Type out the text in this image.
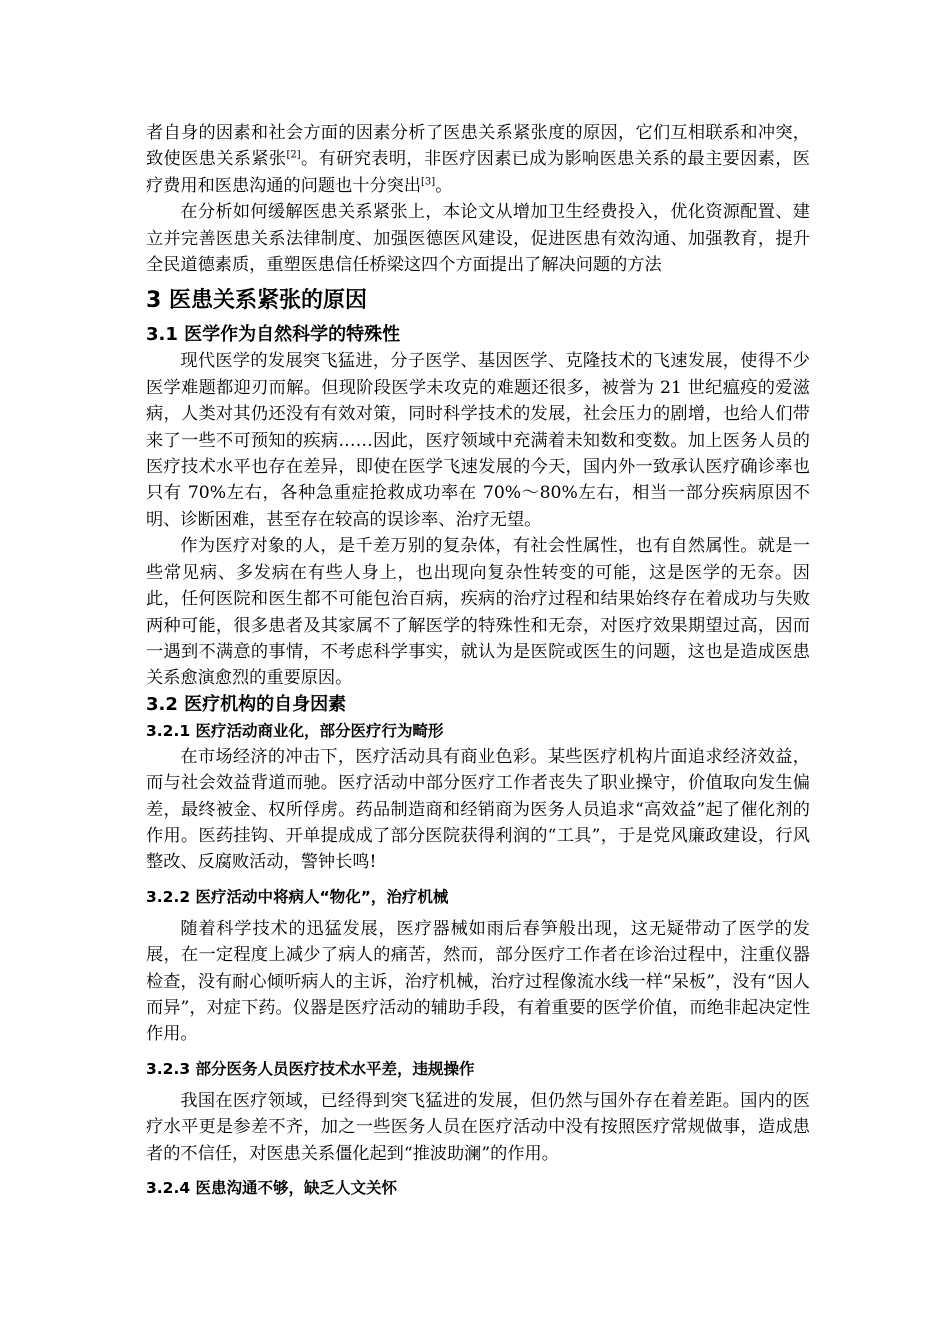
者自身的因素和社会方面的因素分析了医患关系紧张度的原因，它们互相联系和冲突，致使医患关系紧张[2]。有研究表明，非医疗因素已成为影响医患关系的最主要因素，医疗费用和医患沟通的问题也十分突出[3]。

在分析如何缓解医患关系紧张上，本论文从增加卫生经费投入，优化资源配置、建立并完善医患关系法律制度、加强医德医风建设，促进医患有效沟通、加强教育，提升全民道德素质，重塑医患信任桥梁这四个方面提出了解决问题的方法

3 医患关系紧张的原因
3.1 医学作为自然科学的特殊性

现代医学的发展突飞猛进，分子医学、基因医学、克隆技术的飞速发展，使得不少医学难题都迎刃而解。但现阶段医学未攻克的难题还很多，被誉为 21 世纪瘟疫的爱滋病，人类对其仍还没有有效对策，同时科学技术的发展，社会压力的剧增，也给人们带来了一些不可预知的疾病……因此，医疗领域中充满着未知数和变数。加上医务人员的医疗技术水平也存在差异，即使在医学飞速发展的今天，国内外一致承认医疗确诊率也只有 70%左右，各种急重症抢救成功率在 70%～80%左右，相当一部分疾病原因不明、诊断困难，甚至存在较高的误诊率、治疗无望。

作为医疗对象的人，是千差万别的复杂体，有社会性属性，也有自然属性。就是一些常见病、多发病在有些人身上，也出现向复杂性转变的可能，这是医学的无奈。因此，任何医院和医生都不可能包治百病，疾病的治疗过程和结果始终存在着成功与失败两种可能，很多患者及其家属不了解医学的特殊性和无奈，对医疗效果期望过高，因而一遇到不满意的事情，不考虑科学事实，就认为是医院或医生的问题，这也是造成医患关系愈演愈烈的重要原因。

3.2 医疗机构的自身因素
3.2.1 医疗活动商业化，部分医疗行为畸形

在市场经济的冲击下，医疗活动具有商业色彩。某些医疗机构片面追求经济效益，而与社会效益背道而驰。医疗活动中部分医疗工作者丧失了职业操守，价值取向发生偏差，最终被金、权所俘虏。药品制造商和经销商为医务人员追求“高效益”起了催化剂的作用。医药挂钩、开单提成成了部分医院获得利润的“工具”，于是党风廉政建设，行风整改、反腐败活动，警钟长鸣!

3.2.2 医疗活动中将病人“物化”，治疗机械

随着科学技术的迅猛发展，医疗器械如雨后春笋般出现，这无疑带动了医学的发展，在一定程度上减少了病人的痛苦，然而，部分医疗工作者在诊治过程中，注重仪器检查，没有耐心倾听病人的主诉，治疗机械，治疗过程像流水线一样“呆板”，没有“因人而异”，对症下药。仪器是医疗活动的辅助手段，有着重要的医学价值，而绝非起决定性作用。

3.2.3 部分医务人员医疗技术水平差，违规操作

我国在医疗领域，已经得到突飞猛进的发展，但仍然与国外存在着差距。国内的医疗水平更是参差不齐，加之一些医务人员在医疗活动中没有按照医疗常规做事，造成患者的不信任，对医患关系僵化起到“推波助澜”的作用。

3.2.4 医患沟通不够，缺乏人文关怀
